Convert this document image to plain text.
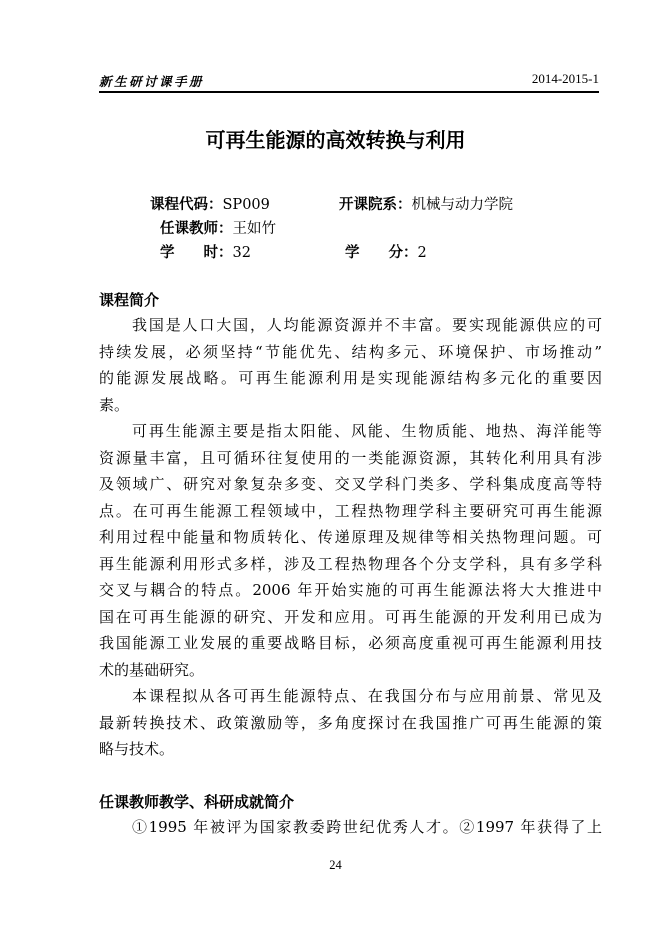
新生研讨课手册	2014-2015-1
可再生能源的高效转换与利用
课程代码：SP009	开课院系：机械与动力学院
任课教师：王如竹
学　　时：32	学　　分：2
课程简介
我国是人口大国，人均能源资源并不丰富。要实现能源供应的可
持续发展，必须坚持“节能优先、结构多元、环境保护、市场推动”
的能源发展战略。可再生能源利用是实现能源结构多元化的重要因
素。
可再生能源主要是指太阳能、风能、生物质能、地热、海洋能等
资源量丰富，且可循环往复使用的一类能源资源，其转化利用具有涉
及领域广、研究对象复杂多变、交叉学科门类多、学科集成度高等特
点。在可再生能源工程领域中，工程热物理学科主要研究可再生能源
利用过程中能量和物质转化、传递原理及规律等相关热物理问题。可
再生能源利用形式多样，涉及工程热物理各个分支学科，具有多学科
交叉与耦合的特点。2006 年开始实施的可再生能源法将大大推进中
国在可再生能源的研究、开发和应用。可再生能源的开发利用已成为
我国能源工业发展的重要战略目标，必须高度重视可再生能源利用技
术的基础研究。
本课程拟从各可再生能源特点、在我国分布与应用前景、常见及
最新转换技术、政策激励等，多角度探讨在我国推广可再生能源的策
略与技术。
任课教师教学、科研成就简介
①1995 年被评为国家教委跨世纪优秀人才。②1997 年获得了上
24
